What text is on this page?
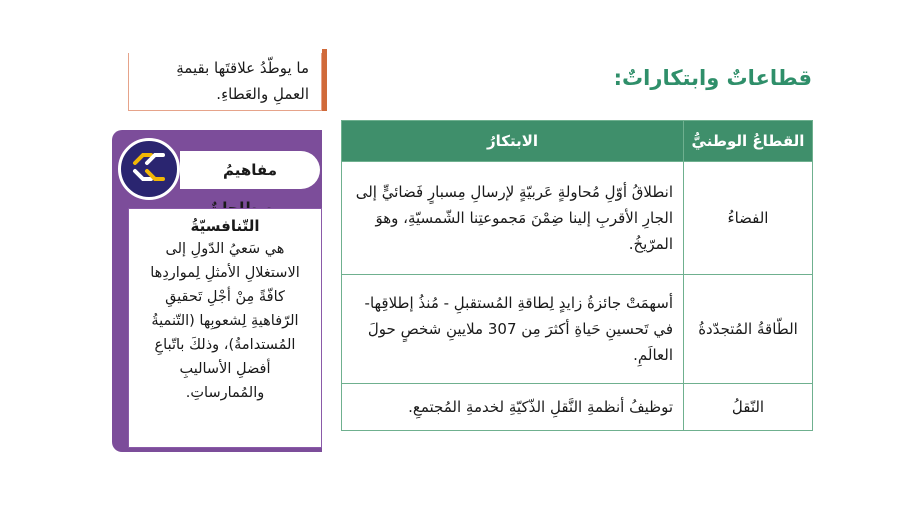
ما يوطّدُ علاقتَها بقيمةِ
العملِ والعَطاءِ.
قطاعاتٌ وابتكاراتٌ:
القطاعُ الوطنيُّ	الابتكارُ
الفضاءُ	انطلاقُ أوّلِ مُحاولةٍ عَربيّةٍ لإرسالِ مِسبارٍ فَضائيٍّ إلى الجارِ الأقربِ إلينا ضِمْنَ مَجموعتِنا الشّمسيّةِ، وهوَ المرّيخُ.
الطّاقةُ المُتجدّدةُ	أسهمَتْ جائزةُ زايدٍ لِطاقةِ المُستقبلِ - مُنذُ إطلاقِها- في تَحسينِ حَياةِ أكثرَ مِن 307 ملايينِ شخصٍ حولَ العالَمِ.
النّقلُ	توظيفُ أنظمةِ النَّقلِ الذّكيّةِ لخدمةِ المُجتمعِ.
مفاهيمُ
التّنافسيّةُ
هي سَعيُ الدّولِ إلى الاستغلالِ الأمثلِ لِمواردِها كافّةً مِنْ أجْلِ تَحقيقِ الرّفاهيةِ لِشعوبِها (التّنميةُ المُستدامةُ)، وذلكَ باتّباعِ أفضلِ الأساليبِ والمُمارساتِ.
